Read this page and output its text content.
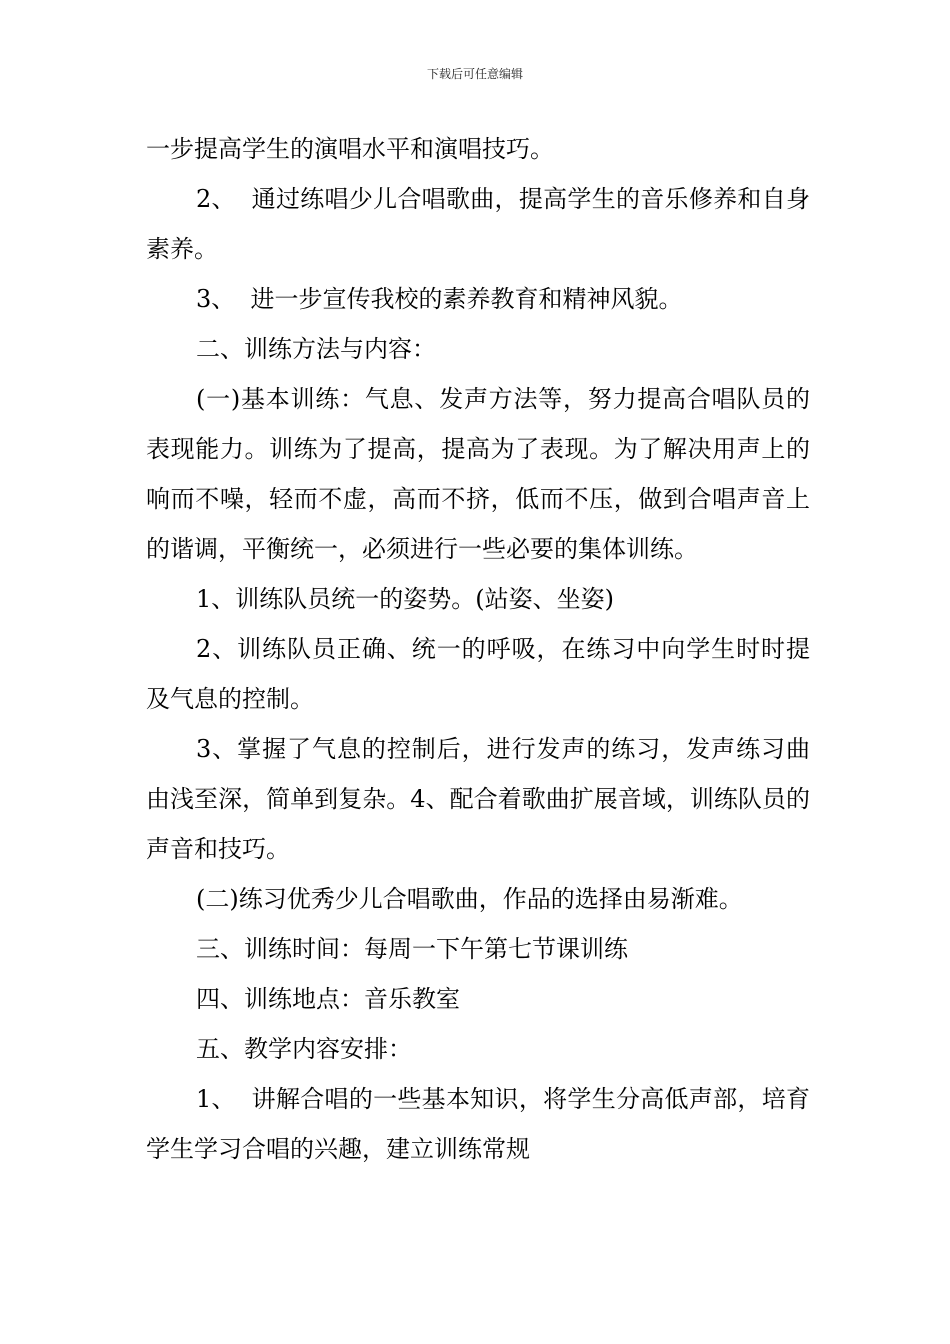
下载后可任意编辑

一步提高学生的演唱水平和演唱技巧。

2、  通过练唱少儿合唱歌曲，提高学生的音乐修养和自身素养。

3、  进一步宣传我校的素养教育和精神风貌。

二、训练方法与内容：

(一)基本训练：气息、发声方法等，努力提高合唱队员的表现能力。训练为了提高，提高为了表现。为了解决用声上的响而不噪，轻而不虚，高而不挤，低而不压，做到合唱声音上的谐调，平衡统一，必须进行一些必要的集体训练。

1、训练队员统一的姿势。(站姿、坐姿)

2、训练队员正确、统一的呼吸，在练习中向学生时时提及气息的控制。

3、掌握了气息的控制后，进行发声的练习，发声练习曲由浅至深，简单到复杂。4、配合着歌曲扩展音域，训练队员的声音和技巧。

(二)练习优秀少儿合唱歌曲，作品的选择由易渐难。

三、训练时间：每周一下午第七节课训练

四、训练地点：音乐教室

五、教学内容安排：

1、  讲解合唱的一些基本知识，将学生分高低声部，培育学生学习合唱的兴趣，建立训练常规
